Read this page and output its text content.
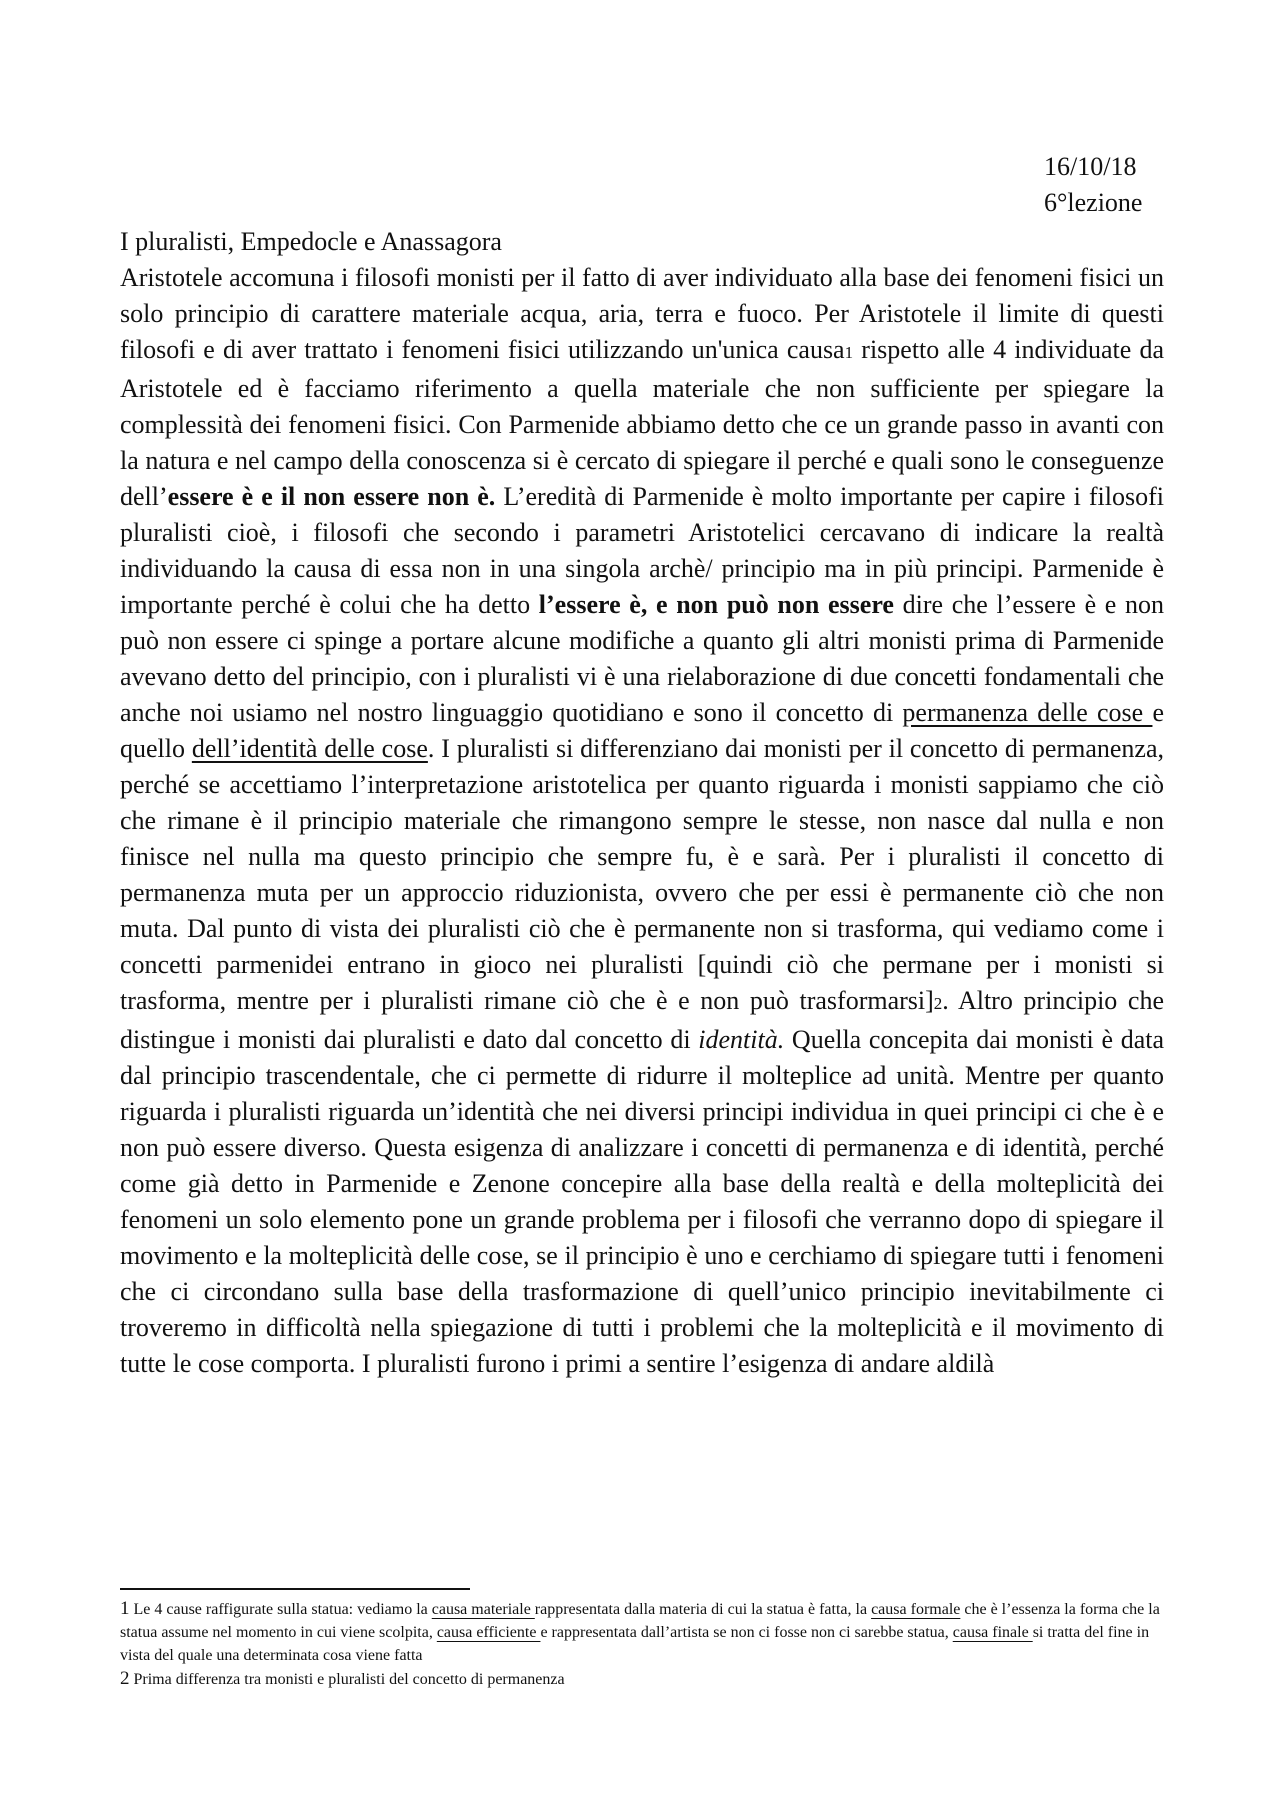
16/10/18
6°lezione

I pluralisti, Empedocle e Anassagora

Aristotele accomuna i filosofi monisti per il fatto di aver individuato alla base dei fenomeni fisici un solo principio di carattere materiale acqua, aria, terra e fuoco. Per Aristotele il limite di questi filosofi e di aver trattato i fenomeni fisici utilizzando un'unica causa1 rispetto alle 4 individuate da Aristotele ed è facciamo riferimento a quella materiale che non sufficiente per spiegare la complessità dei fenomeni fisici. Con Parmenide abbiamo detto che ce un grande passo in avanti con la natura e nel campo della conoscenza si è cercato di spiegare il perché e quali sono le conseguenze dell’essere è e il non essere non è. L’eredità di Parmenide è molto importante per capire i filosofi pluralisti cioè, i filosofi che secondo i parametri Aristotelici cercavano di indicare la realtà individuando la causa di essa non in una singola archè/ principio ma in più principi. Parmenide è importante perché è colui che ha detto l’essere è, e non può non essere dire che l’essere è e non può non essere ci spinge a portare alcune modifiche a quanto gli altri monisti prima di Parmenide avevano detto del principio, con i pluralisti vi è una rielaborazione di due concetti fondamentali che anche noi usiamo nel nostro linguaggio quotidiano e sono il concetto di permanenza delle cose e quello dell’identità delle cose. I pluralisti si differenziano dai monisti per il concetto di permanenza, perché se accettiamo l’interpretazione aristotelica per quanto riguarda i monisti sappiamo che ciò che rimane è il principio materiale che rimangono sempre le stesse, non nasce dal nulla e non finisce nel nulla ma questo principio che sempre fu, è e sarà. Per i pluralisti il concetto di permanenza muta per un approccio riduzionista, ovvero che per essi è permanente ciò che non muta. Dal punto di vista dei pluralisti ciò che è permanente non si trasforma, qui vediamo come i concetti parmenidei entrano in gioco nei pluralisti [quindi ciò che permane per i monisti si trasforma, mentre per i pluralisti rimane ciò che è e non può trasformarsi]2. Altro principio che distingue i monisti dai pluralisti e dato dal concetto di identità. Quella concepita dai monisti è data dal principio trascendentale, che ci permette di ridurre il molteplice ad unità. Mentre per quanto riguarda i pluralisti riguarda un’identità che nei diversi principi individua in quei principi ci che è e non può essere diverso. Questa esigenza di analizzare i concetti di permanenza e di identità, perché come già detto in Parmenide e Zenone concepire alla base della realtà e della molteplicità dei fenomeni un solo elemento pone un grande problema per i filosofi che verranno dopo di spiegare il movimento e la molteplicità delle cose, se il principio è uno e cerchiamo di spiegare tutti i fenomeni che ci circondano sulla base della trasformazione di quell’unico principio inevitabilmente ci troveremo in difficoltà nella spiegazione di tutti i problemi che la molteplicità e il movimento di tutte le cose comporta. I pluralisti furono i primi a sentire l’esigenza di andare aldilà

1 Le 4 cause raffigurate sulla statua: vediamo la causa materiale rappresentata dalla materia di cui la statua è fatta, la causa formale che è l’essenza la forma che la statua assume nel momento in cui viene scolpita, causa efficiente e rappresentata dall’artista se non ci fosse non ci sarebbe statua, causa finale si tratta del fine in vista del quale una determinata cosa viene fatta

2 Prima differenza tra monisti e pluralisti del concetto di permanenza
